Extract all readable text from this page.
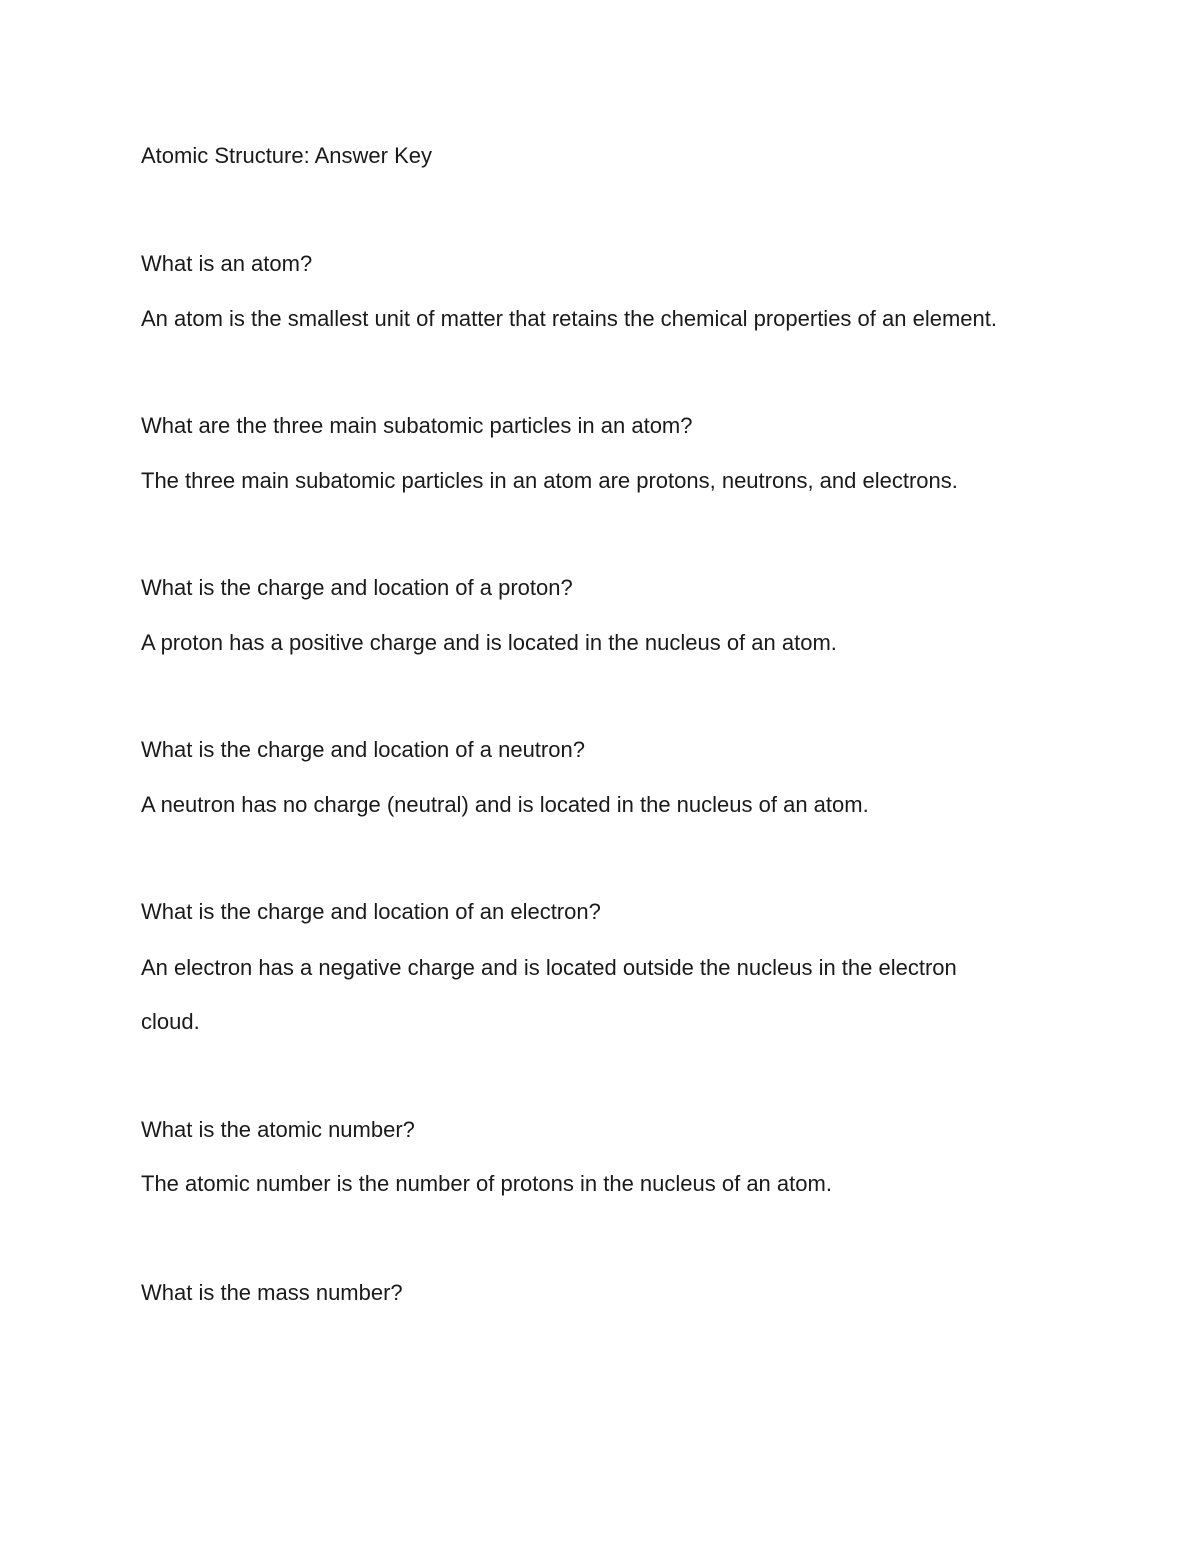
Atomic Structure: Answer Key
What is an atom?
An atom is the smallest unit of matter that retains the chemical properties of an element.
What are the three main subatomic particles in an atom?
The three main subatomic particles in an atom are protons, neutrons, and electrons.
What is the charge and location of a proton?
A proton has a positive charge and is located in the nucleus of an atom.
What is the charge and location of a neutron?
A neutron has no charge (neutral) and is located in the nucleus of an atom.
What is the charge and location of an electron?
An electron has a negative charge and is located outside the nucleus in the electron
cloud.
What is the atomic number?
The atomic number is the number of protons in the nucleus of an atom.
What is the mass number?
